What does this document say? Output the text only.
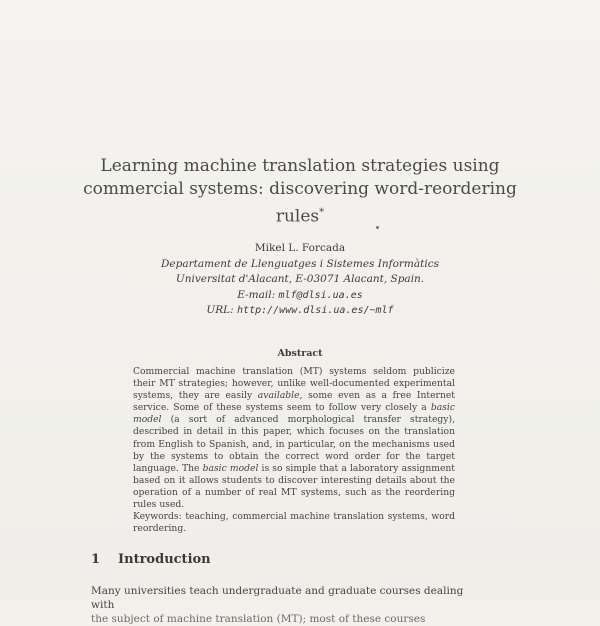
Learning machine translation strategies using
commercial systems: discovering word-reordering
rules*
Mikel L. Forcada
Departament de Llenguatges i Sistemes Informàtics
Universitat d'Alacant, E-03071 Alacant, Spain.
E-mail: mlf@dlsi.ua.es
URL: http://www.dlsi.ua.es/~mlf
Abstract
Commercial machine translation (MT) systems seldom publicize their MT strategies; however, unlike well-documented experimental systems, they are easily available, some even as a free Internet service. Some of these systems seem to follow very closely a basic model (a sort of advanced morphological transfer strategy), described in detail in this paper, which focuses on the translation from English to Spanish, and, in particular, on the mechanisms used by the systems to obtain the correct word order for the target language. The basic model is so simple that a laboratory assignment based on it allows students to discover interesting details about the operation of a number of real MT systems, such as the reordering rules used.
Keywords: teaching, commercial machine translation systems, word reordering.
1 Introduction
Many universities teach undergraduate and graduate courses dealing with
the subject of machine translation (MT); most of these courses
